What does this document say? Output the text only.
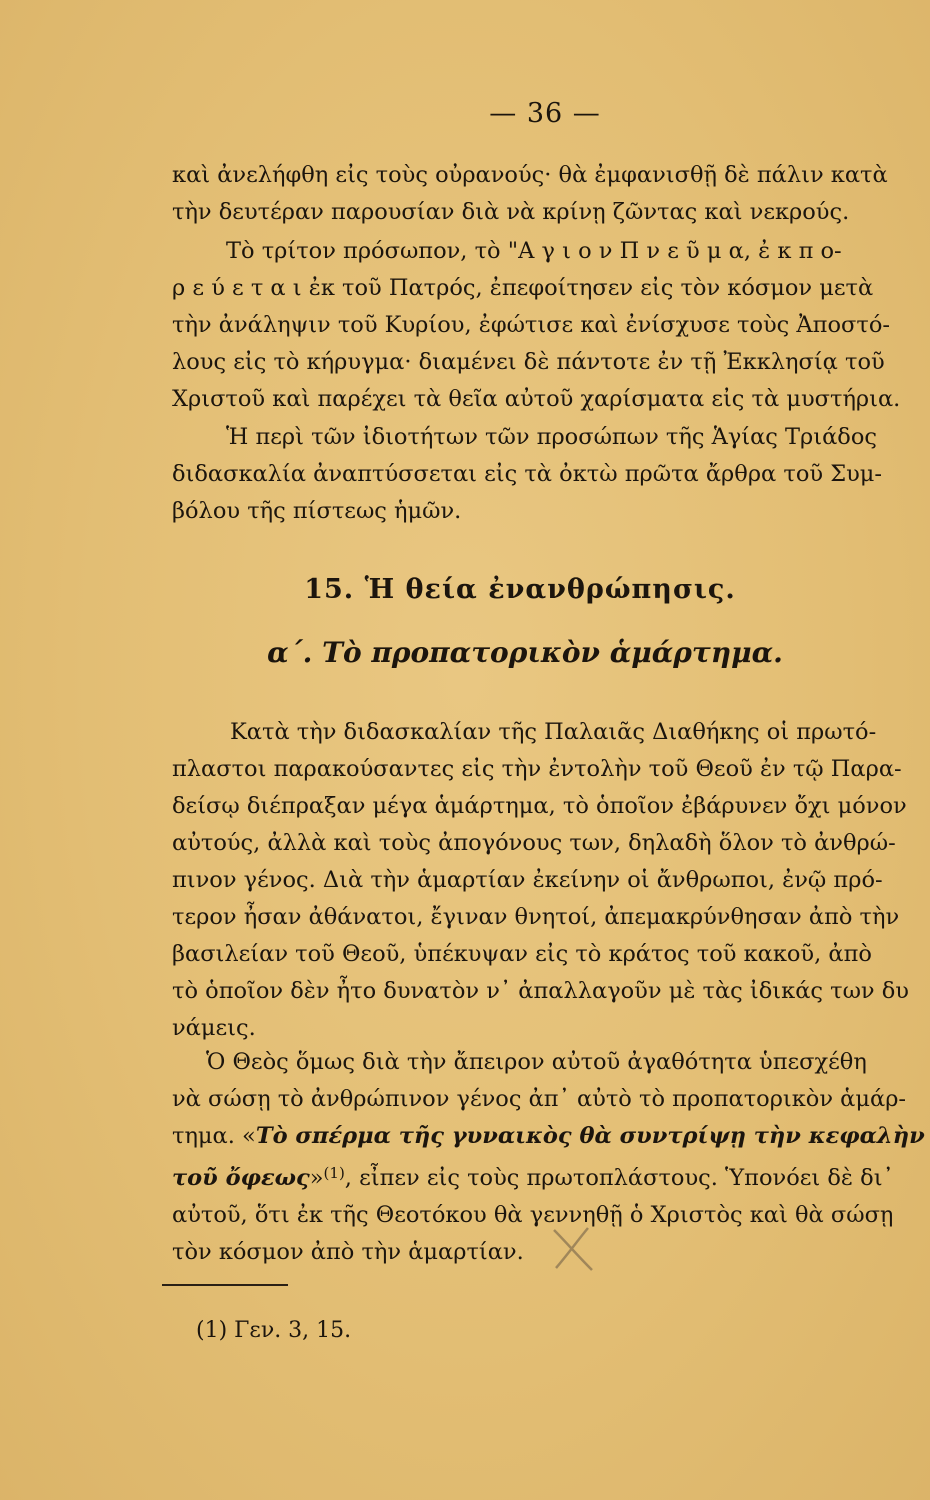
— 36 —
καὶ ἀνελήφθη εἰς τοὺς οὐρανούς· θὰ ἐμφανισθῇ δὲ πάλιν κατὰ
τὴν δευτέραν παρουσίαν διὰ νὰ κρίνῃ ζῶντας καὶ νεκρούς.
Τὸ τρίτον πρόσωπον, τὸ "Α γ ι ο ν Π ν ε ῦ μ α, ἐ κ π ο-
ρ ε ύ ε τ α ι ἐκ τοῦ Πατρός, ἐπεφοίτησεν εἰς τὸν κόσμον μετὰ
τὴν ἀνάληψιν τοῦ Κυρίου, ἐφώτισε καὶ ἐνίσχυσε τοὺς Ἀποστό-
λους εἰς τὸ κήρυγμα· διαμένει δὲ πάντοτε ἐν τῇ Ἐκκλησίᾳ τοῦ
Χριστοῦ καὶ παρέχει τὰ θεῖα αὐτοῦ χαρίσματα εἰς τὰ μυστήρια.
Ἡ περὶ τῶν ἰδιοτήτων τῶν προσώπων τῆς Ἁγίας Τριάδος
διδασκαλία ἀναπτύσσεται εἰς τὰ ὀκτὼ πρῶτα ἄρθρα τοῦ Συμ-
βόλου τῆς πίστεως ἡμῶν.
15. Ἡ θεία ἐνανθρώπησις.
α΄. Τὸ προπατορικὸν ἁμάρτημα.
Κατὰ τὴν διδασκαλίαν τῆς Παλαιᾶς Διαθήκης οἱ πρωτό-
πλαστοι παρακούσαντες εἰς τὴν ἐντολὴν τοῦ Θεοῦ ἐν τῷ Παρα-
δείσῳ διέπραξαν μέγα ἁμάρτημα, τὸ ὁποῖον ἐβάρυνεν ὄχι μόνον
αὐτούς, ἀλλὰ καὶ τοὺς ἀπογόνους των, δηλαδὴ ὅλον τὸ ἀνθρώ-
πινον γένος. Διὰ τὴν ἁμαρτίαν ἐκείνην οἱ ἄνθρωποι, ἐνῷ πρό-
τερον ἦσαν ἀθάνατοι, ἔγιναν θνητοί, ἀπεμακρύνθησαν ἀπὸ τὴν
βασιλείαν τοῦ Θεοῦ, ὑπέκυψαν εἰς τὸ κράτος τοῦ κακοῦ, ἀπὸ
τὸ ὁποῖον δὲν ἦτο δυνατὸν ν᾿ ἀπαλλαγοῦν μὲ τὰς ἰδικάς των δυ
νάμεις.
Ὁ Θεὸς ὅμως διὰ τὴν ἄπειρον αὐτοῦ ἀγαθότητα ὑπεσχέθη
νὰ σώσῃ τὸ ἀνθρώπινον γένος ἀπ᾿ αὐτὸ τὸ προπατορικὸν ἁμάρ-
τημα. «Τὸ σπέρμα τῆς γυναικὸς θὰ συντρίψῃ τὴν κεφαλὴν
τοῦ ὄφεως»$^{(1)}$, εἶπεν εἰς τοὺς πρωτοπλάστους. Ὑπονόει δὲ δι᾿
αὐτοῦ, ὅτι ἐκ τῆς Θεοτόκου θὰ γεννηθῇ ὁ Χριστὸς καὶ θὰ σώσῃ
τὸν κόσμον ἀπὸ τὴν ἁμαρτίαν.
(1) Γεν. 3, 15.
